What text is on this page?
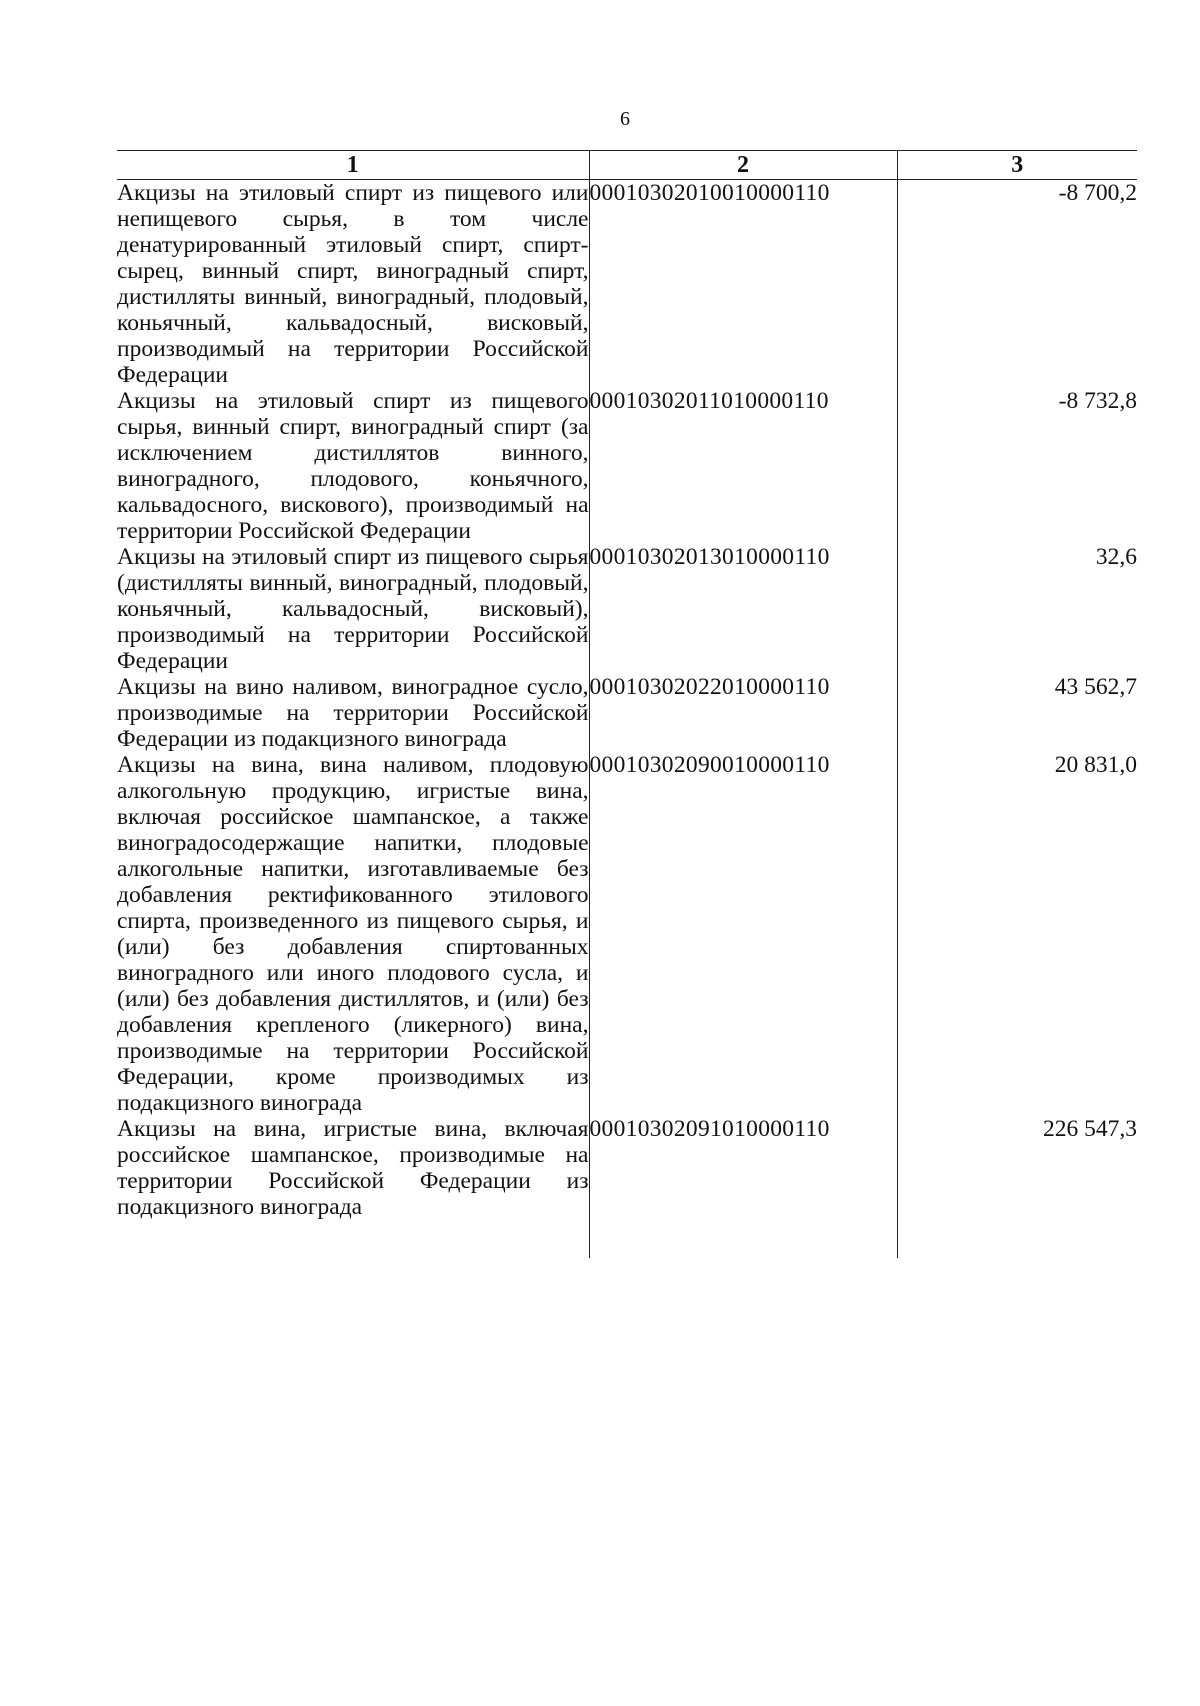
6
1	2	3
Акцизы на этиловый спирт из пищевого или непищевого сырья, в том числе денатурированный этиловый спирт, спирт-сырец, винный спирт, виноградный спирт, дистилляты винный, виноградный, плодовый, коньячный, кальвадосный, висковый, производимый на территории Российской Федерации	00010302010010000110	-8 700,2
Акцизы на этиловый спирт из пищевого сырья, винный спирт, виноградный спирт (за исключением дистиллятов винного, виноградного, плодового, коньячного, кальвадосного, вискового), производимый на территории Российской Федерации	00010302011010000110	-8 732,8
Акцизы на этиловый спирт из пищевого сырья (дистилляты винный, виноградный, плодовый, коньячный, кальвадосный, висковый), производимый на территории Российской Федерации	00010302013010000110	32,6
Акцизы на вино наливом, виноградное сусло, производимые на территории Российской Федерации из подакцизного винограда	00010302022010000110	43 562,7
Акцизы на вина, вина наливом, плодовую алкогольную продукцию, игристые вина, включая российское шампанское, а также виноградосодержащие напитки, плодовые алкогольные напитки, изготавливаемые без добавления ректификованного этилового спирта, произведенного из пищевого сырья, и (или) без добавления спиртованных виноградного или иного плодового сусла, и (или) без добавления дистиллятов, и (или) без добавления крепленого (ликерного) вина, производимые на территории Российской Федерации, кроме производимых из подакцизного винограда	00010302090010000110	20 831,0
Акцизы на вина, игристые вина, включая российское шампанское, производимые на территории Российской Федерации из подакцизного винограда	00010302091010000110	226 547,3
